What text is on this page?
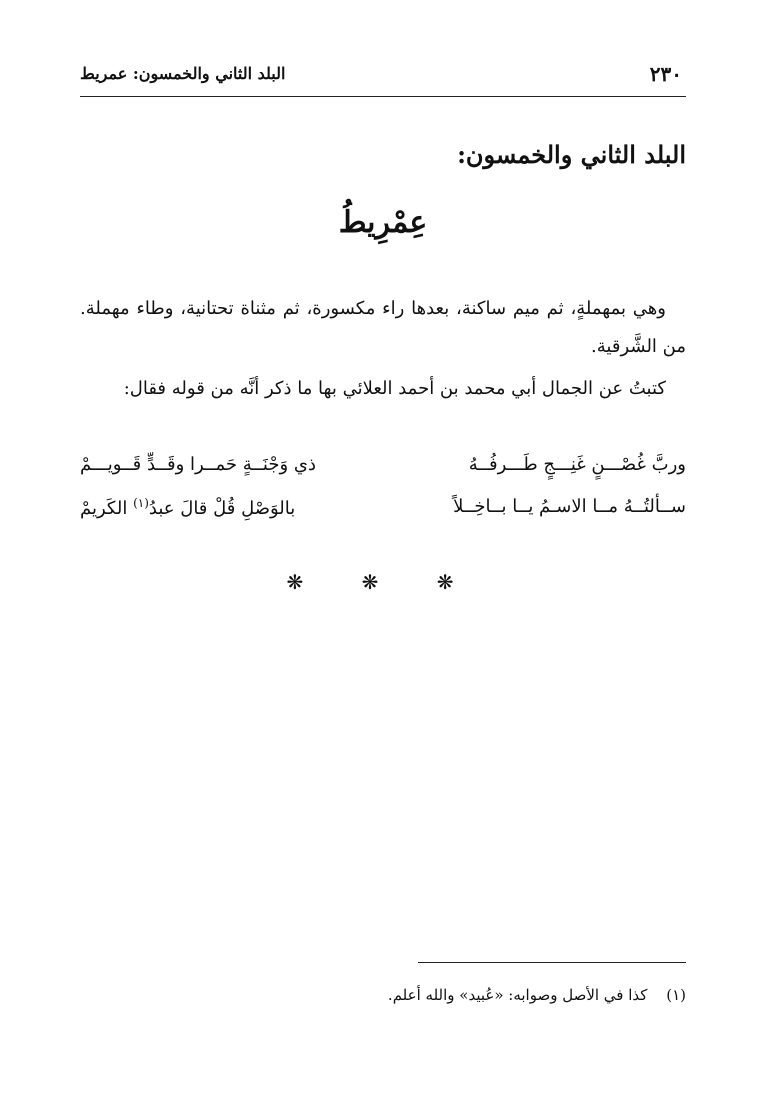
٢٣٠
البلد الثاني والخمسون: عمريط
البلد الثاني والخمسون:
عِمْرِيطُ

وهي بمهملةٍ، ثم ميم ساكنة، بعدها راء مكسورة، ثم مثناة تحتانية، وطاء مهملة. من الشَّرقية.

كتبتُ عن الجمال أبي محمد بن أحمد العلائي بها ما ذكر أنَّه من قوله فقال:

وربَّ غُصْـــنٍ غَنِـــجٍ طَـــرفُــهُ
ذي وَجْنَــةٍ حَمــرا وقَــدٍّ قَــويـــمْ
ســألتُــهُ مــا الاسـمُ يــا بــاخِــلاً
بالوَصْلِ قُلْ قالَ عبدُ$^{(١)}$ الكَريمْ
❋ ❋ ❋
(١) كذا في الأصل وصوابه: «عُبيد» والله أعلم.
